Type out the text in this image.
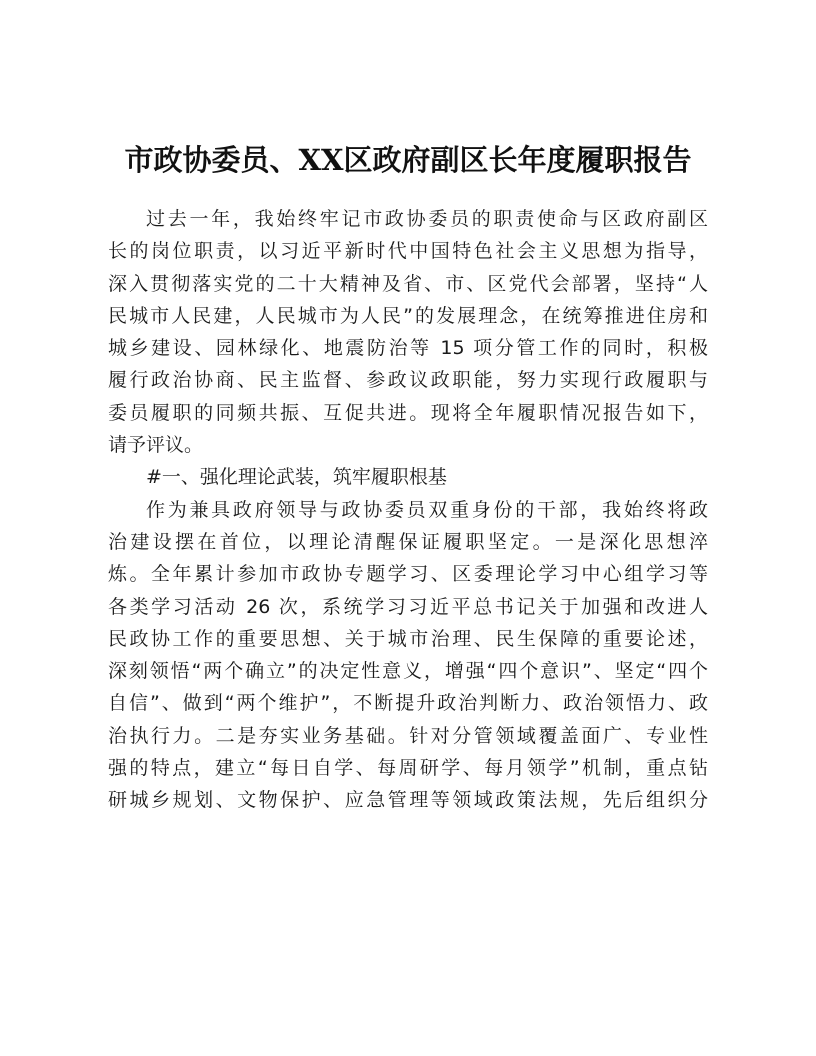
市政协委员、XX区政府副区长年度履职报告
过去一年，我始终牢记市政协委员的职责使命与区政府副区
长的岗位职责，以习近平新时代中国特色社会主义思想为指导，
深入贯彻落实党的二十大精神及省、市、区党代会部署，坚持“人
民城市人民建，人民城市为人民”的发展理念，在统筹推进住房和
城乡建设、园林绿化、地震防治等 15 项分管工作的同时，积极
履行政治协商、民主监督、参政议政职能，努力实现行政履职与
委员履职的同频共振、互促共进。现将全年履职情况报告如下，
请予评议。
#一、强化理论武装，筑牢履职根基
作为兼具政府领导与政协委员双重身份的干部，我始终将政
治建设摆在首位，以理论清醒保证履职坚定。一是深化思想淬
炼。全年累计参加市政协专题学习、区委理论学习中心组学习等
各类学习活动 26 次，系统学习习近平总书记关于加强和改进人
民政协工作的重要思想、关于城市治理、民生保障的重要论述，
深刻领悟“两个确立”的决定性意义，增强“四个意识”、坚定“四个
自信”、做到“两个维护”，不断提升政治判断力、政治领悟力、政
治执行力。二是夯实业务基础。针对分管领域覆盖面广、专业性
强的特点，建立“每日自学、每周研学、每月领学”机制，重点钻
研城乡规划、文物保护、应急管理等领域政策法规，先后组织分
